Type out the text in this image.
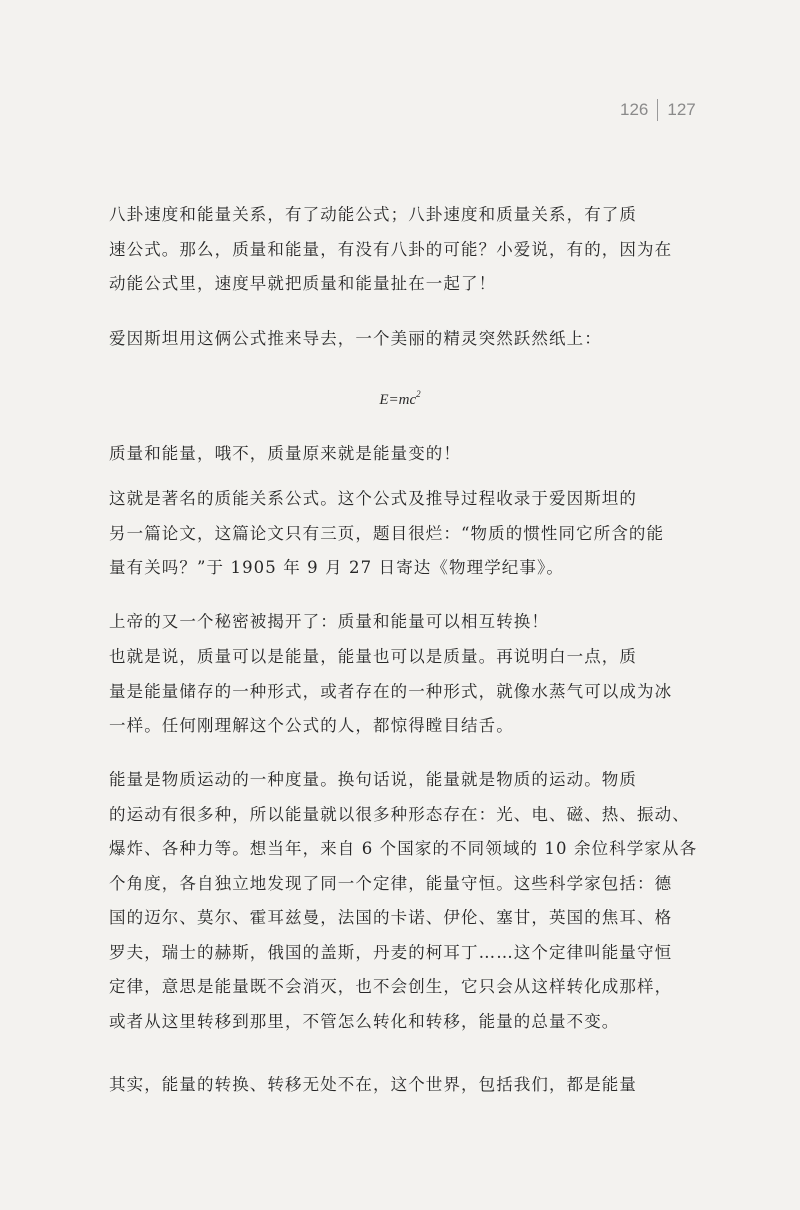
126 127
八卦速度和能量关系，有了动能公式；八卦速度和质量关系，有了质
速公式。那么，质量和能量，有没有八卦的可能？小爱说，有的，因为在
动能公式里，速度早就把质量和能量扯在一起了！
爱因斯坦用这俩公式推来导去，一个美丽的精灵突然跃然纸上：
$E=mc^2$
质量和能量，哦不，质量原来就是能量变的！
这就是著名的质能关系公式。这个公式及推导过程收录于爱因斯坦的
另一篇论文，这篇论文只有三页，题目很烂：“物质的惯性同它所含的能
量有关吗？”于 1905 年 9 月 27 日寄达《物理学纪事》。
上帝的又一个秘密被揭开了：质量和能量可以相互转换！
也就是说，质量可以是能量，能量也可以是质量。再说明白一点，质
量是能量储存的一种形式，或者存在的一种形式，就像水蒸气可以成为冰
一样。任何刚理解这个公式的人，都惊得瞠目结舌。
能量是物质运动的一种度量。换句话说，能量就是物质的运动。物质
的运动有很多种，所以能量就以很多种形态存在：光、电、磁、热、振动、
爆炸、各种力等。想当年，来自 6 个国家的不同领域的 10 余位科学家从各
个角度，各自独立地发现了同一个定律，能量守恒。这些科学家包括：德
国的迈尔、莫尔、霍耳兹曼，法国的卡诺、伊伦、塞甘，英国的焦耳、格
罗夫，瑞士的赫斯，俄国的盖斯，丹麦的柯耳丁……这个定律叫能量守恒
定律，意思是能量既不会消灭，也不会创生，它只会从这样转化成那样，
或者从这里转移到那里，不管怎么转化和转移，能量的总量不变。
其实，能量的转换、转移无处不在，这个世界，包括我们，都是能量
